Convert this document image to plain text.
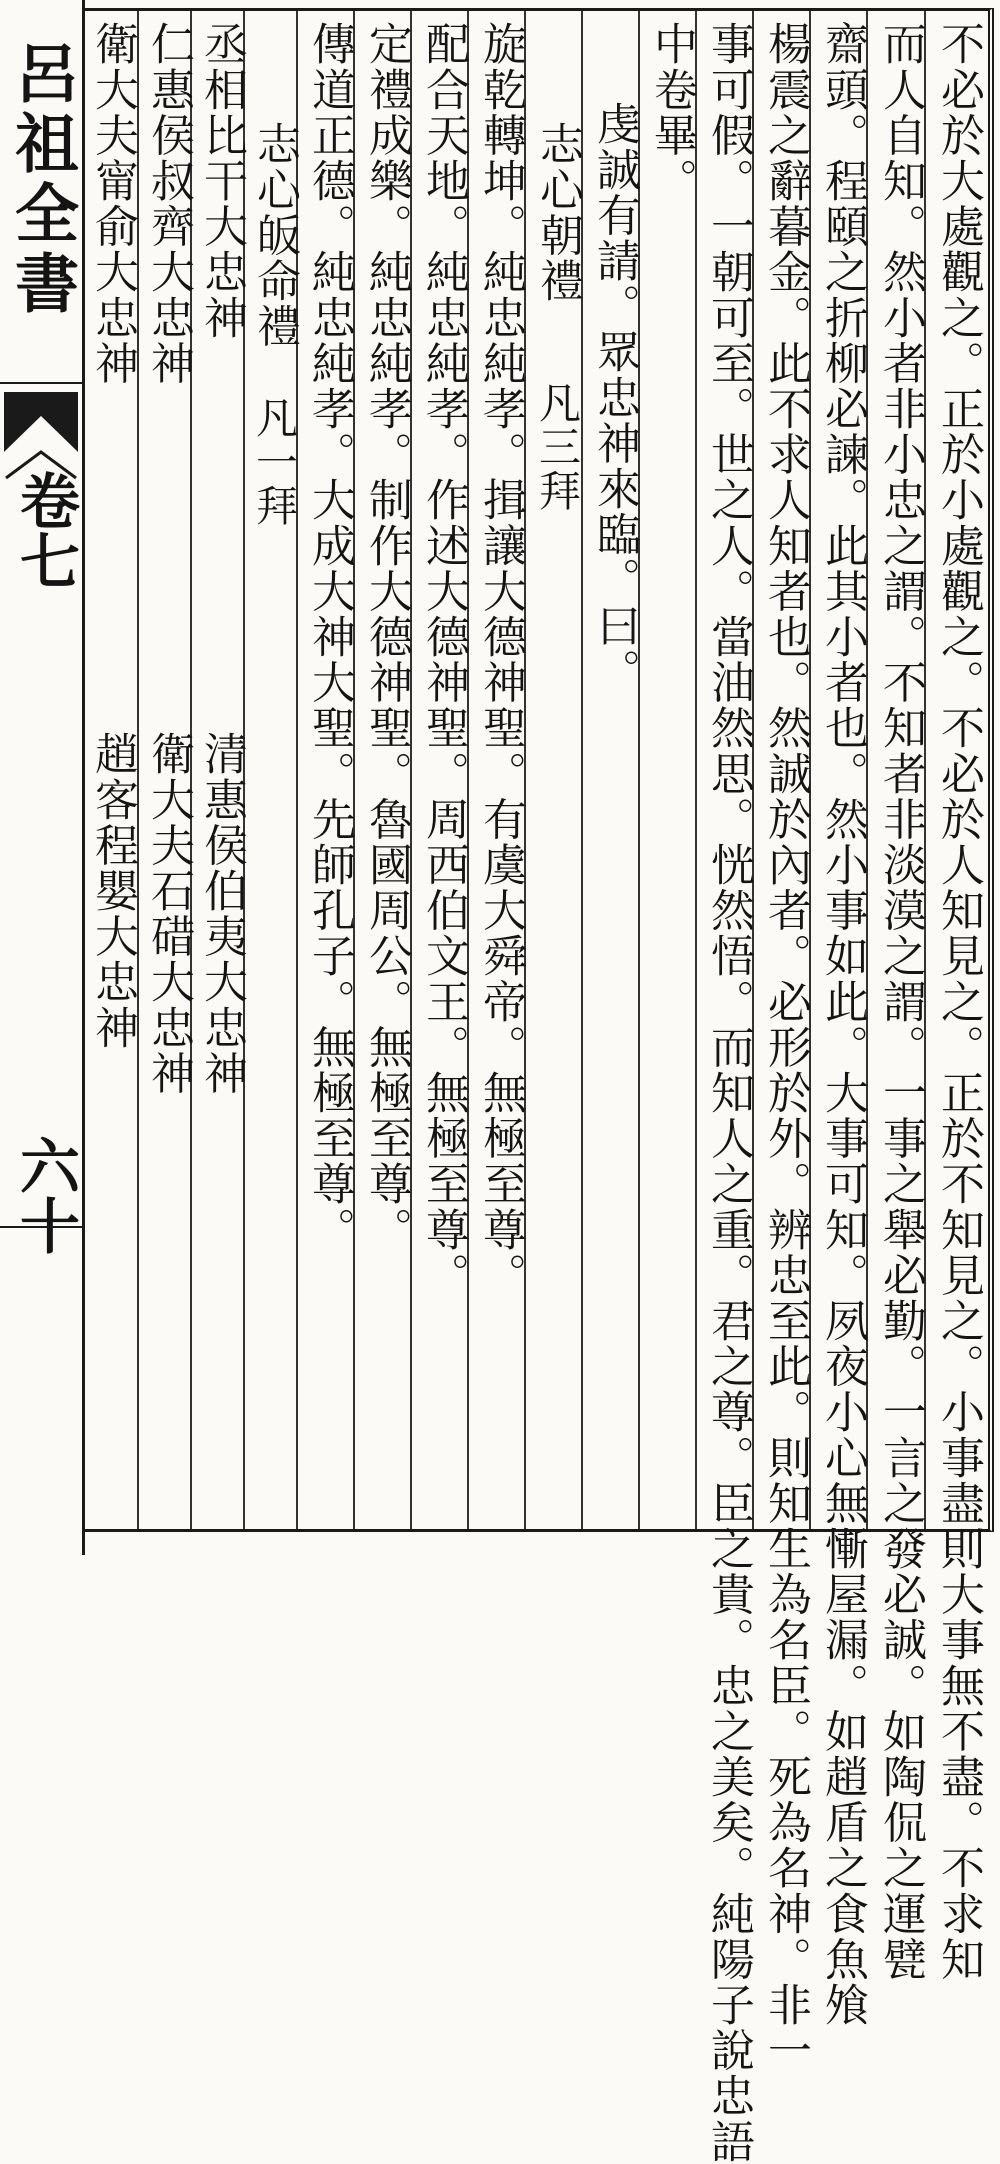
呂祖全書
卷七
六十	不必於大處觀之。正於小處觀之。不必於人知見之。正於不知見之。小事盡則大事無不盡。不求知
而人自知。然小者非小忠之謂。不知者非淡漠之謂。一事之舉必勤。一言之發必誠。如陶侃之運甓
齋頭。程頤之折柳必諫。此其小者也。然小事如此。大事可知。夙夜小心無慚屋漏。如趙盾之食魚飧
楊震之辭暮金。此不求人知者也。然誠於內者。必形於外。辨忠至此。則知生為名臣。死為名神。非一
事可假。一朝可至。世之人。當油然思。恍然悟。而知人之重。君之尊。臣之貴。忠之美矣。純陽子說忠語
中卷畢。
虔誠有請。眾忠神來臨。曰。
志心朝禮
凡三拜
旋乾轉坤。純忠純孝。揖讓大德神聖。有虞大舜帝。無極至尊。
配合天地。純忠純孝。作述大德神聖。周西伯文王。無極至尊。
定禮成樂。純忠純孝。制作大德神聖。魯國周公。無極至尊。
傳道正德。純忠純孝。大成大神大聖。先師孔子。無極至尊。
志心皈命禮
凡一拜
丞相比干大忠神
清惠侯伯夷大忠神
仁惠侯叔齊大忠神
衛大夫石碏大忠神
衛大夫甯俞大忠神
趙客程嬰大忠神
